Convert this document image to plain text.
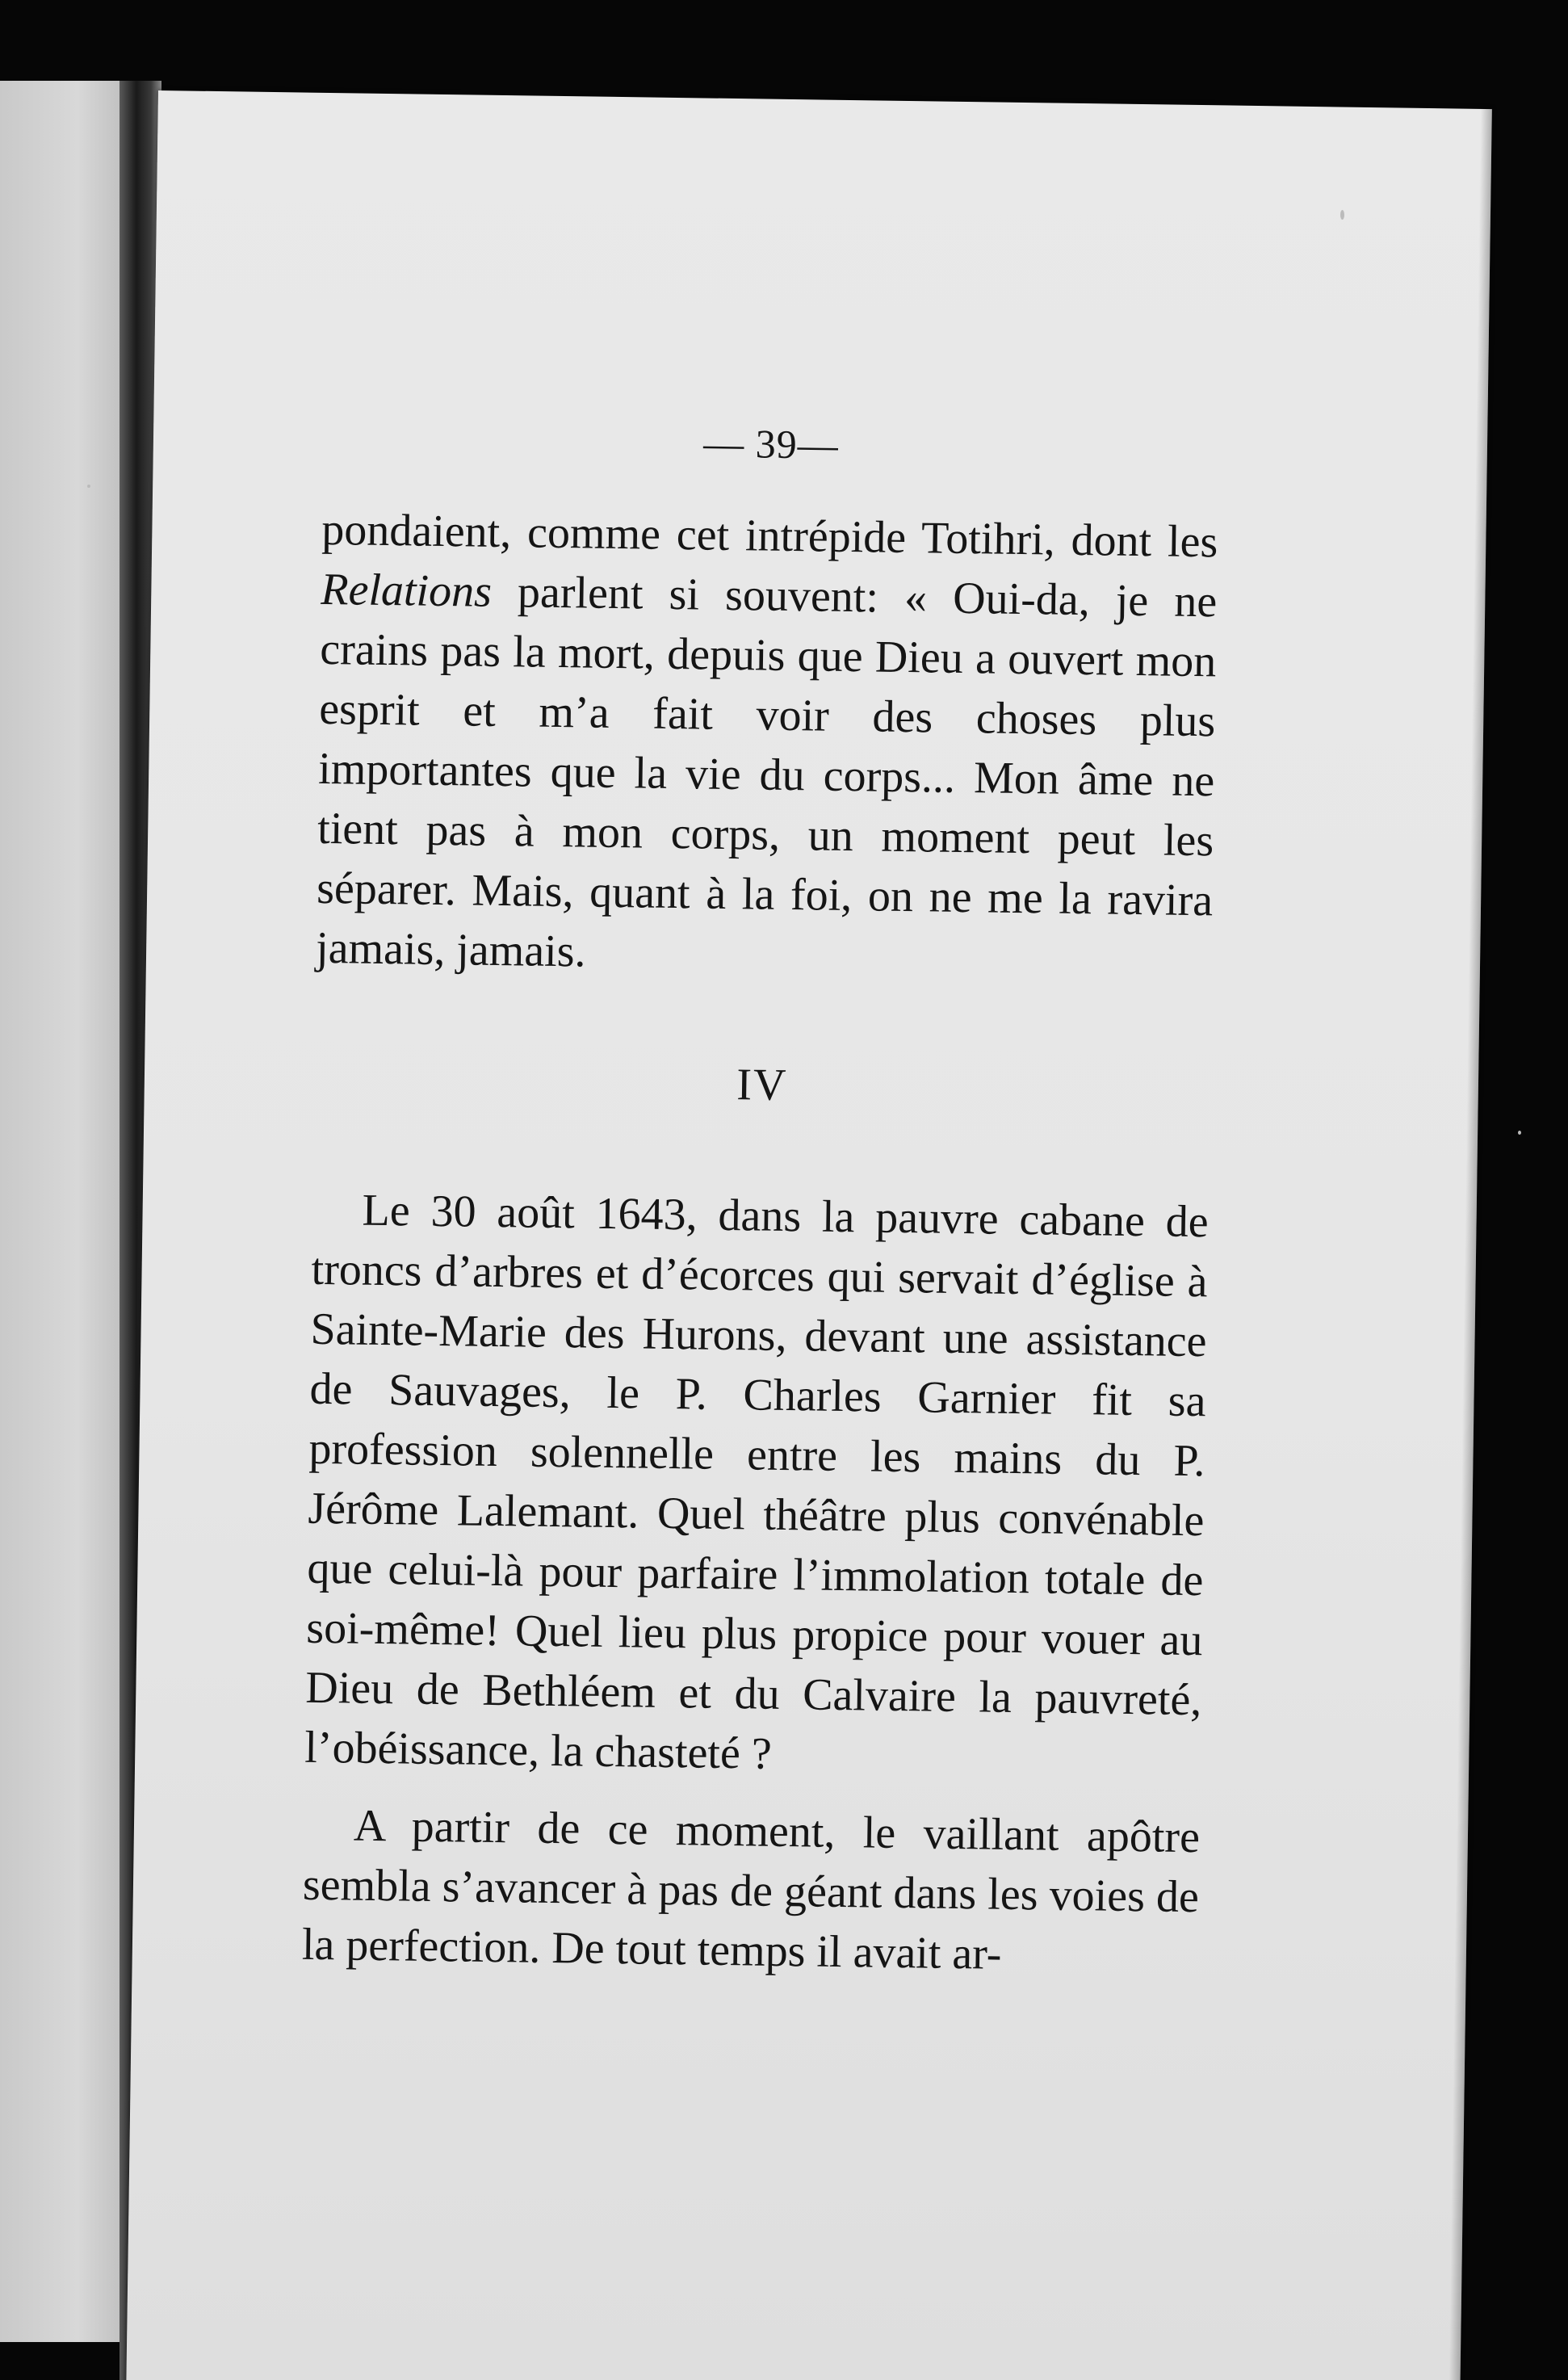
— 39—

pondaient, comme cet intrépide Totihri, dont les Relations parlent si souvent: « Oui-da, je ne crains pas la mort, depuis que Dieu a ouvert mon esprit et m’a fait voir des choses plus importantes que la vie du corps... Mon âme ne tient pas à mon corps, un moment peut les séparer. Mais, quant à la foi, on ne me la ravira jamais, jamais.

IV

Le 30 août 1643, dans la pauvre cabane de troncs d’arbres et d’écorces qui servait d’église à Sainte-Marie des Hurons, devant une assistance de Sauvages, le P. Charles Garnier fit sa profession solennelle entre les mains du P. Jérôme Lalemant. Quel théâtre plus convénable que celui-là pour parfaire l’immolation totale de soi-même! Quel lieu plus propice pour vouer au Dieu de Bethléem et du Calvaire la pauvreté, l’obéissance, la chasteté ?

A partir de ce moment, le vaillant apôtre sembla s’avancer à pas de géant dans les voies de la perfection. De tout temps il avait ar-
